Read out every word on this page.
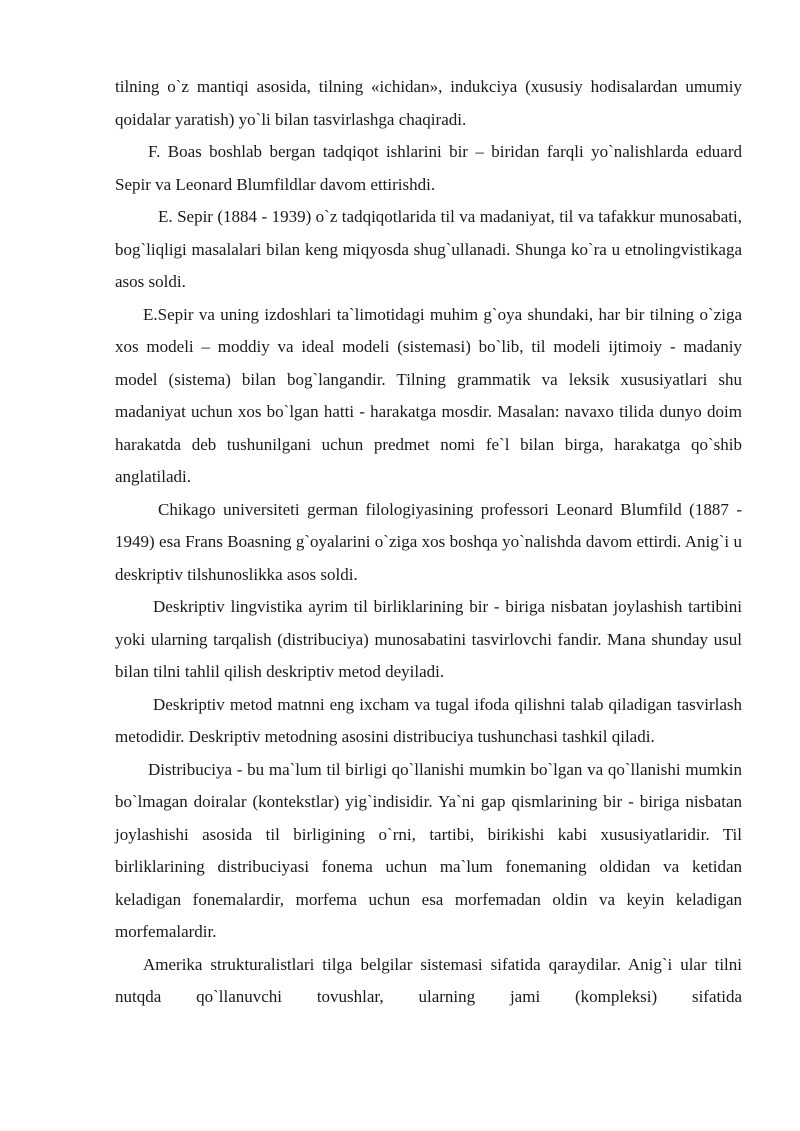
tilning o`z mantiqi asosida, tilning «ichidan», indukciya (xususiy hodisalardan umumiy qoidalar yaratish) yo`li bilan tasvirlashga chaqiradi.

F. Boas boshlab bergan tadqiqot ishlarini bir – biridan farqli yo`nalishlarda eduard Sepir va Leonard Blumfildlar davom ettirishdi.

E. Sepir (1884 - 1939) o`z tadqiqotlarida til va madaniyat, til va tafakkur munosabati, bog`liqligi masalalari bilan keng miqyosda shug`ullanadi. Shunga ko`ra u etnolingvistikaga asos soldi.

E.Sepir va uning izdoshlari ta`limotidagi muhim g`oya shundaki, har bir tilning o`ziga xos modeli – moddiy va ideal modeli (sistemasi) bo`lib, til modeli ijtimoiy - madaniy model (sistema) bilan bog`langandir. Tilning grammatik va leksik xususiyatlari shu madaniyat uchun xos bo`lgan hatti - harakatga mosdir. Masalan: navaxo tilida dunyo doim harakatda deb tushunilgani uchun predmet nomi fe`l bilan birga, harakatga qo`shib anglatiladi.

Chikago universiteti german filologiyasining professori Leonard Blumfild (1887 - 1949) esa Frans Boasning g`oyalarini o`ziga xos boshqa yo`nalishda davom ettirdi. Anig`i u deskriptiv tilshunoslikka asos soldi.

Deskriptiv lingvistika ayrim til birliklarining bir - biriga nisbatan joylashish tartibini yoki ularning tarqalish (distribuciya) munosabatini tasvirlovchi fandir. Mana shunday usul bilan tilni tahlil qilish deskriptiv metod deyiladi.

Deskriptiv metod matnni eng ixcham va tugal ifoda qilishni talab qiladigan tasvirlash metodidir. Deskriptiv metodning asosini distribuciya tushunchasi tashkil qiladi.

Distribuciya - bu ma`lum til birligi qo`llanishi mumkin bo`lgan va qo`llanishi mumkin bo`lmagan doiralar (kontekstlar) yig`indisidir. Ya`ni gap qismlarining bir - biriga nisbatan joylashishi asosida til birligining o`rni, tartibi, birikishi kabi xususiyatlaridir. Til birliklarining distribuciyasi fonema uchun ma`lum fonemaning oldidan va ketidan keladigan fonemalardir, morfema uchun esa morfemadan oldin va keyin keladigan morfemalardir.

Amerika strukturalistlari tilga belgilar sistemasi sifatida qaraydilar. Anig`i ular tilni nutqda qo`llanuvchi tovushlar, ularning jami (kompleksi) sifatida
